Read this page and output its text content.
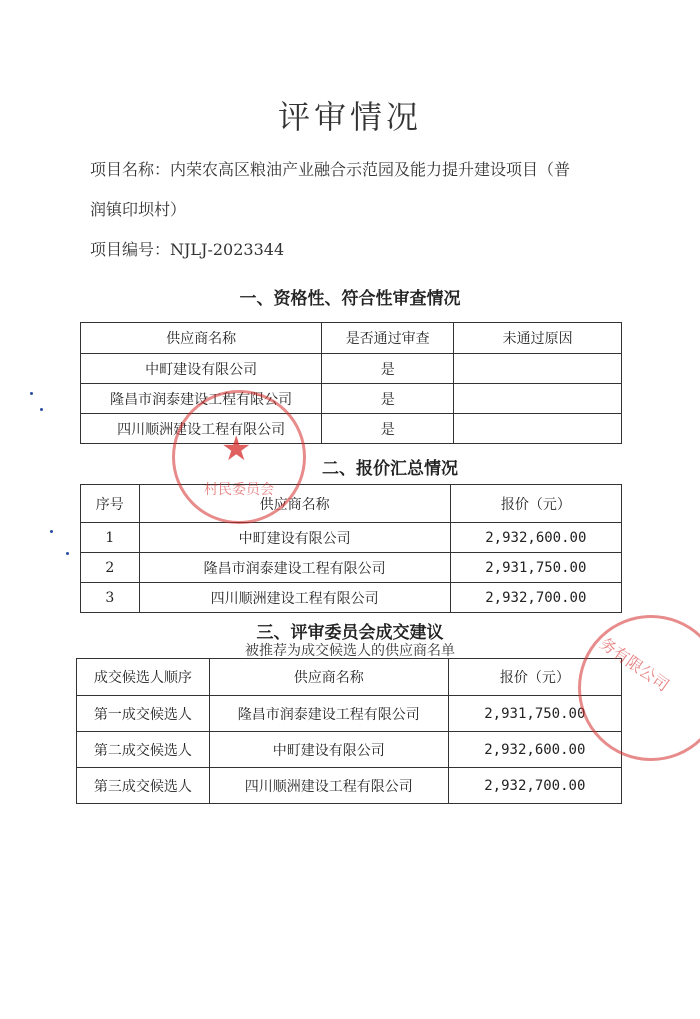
评审情况
项目名称：内荣农高区粮油产业融合示范园及能力提升建设项目（普
润镇印坝村）
项目编号：NJLJ-2023344
一、资格性、符合性审查情况
供应商名称	是否通过审查	未通过原因
中町建设有限公司	是	
隆昌市润泰建设工程有限公司	是	
四川顺洲建设工程有限公司	是	
二、报价汇总情况
序号	供应商名称	报价（元）
1	中町建设有限公司	2,932,600.00
2	隆昌市润泰建设工程有限公司	2,931,750.00
3	四川顺洲建设工程有限公司	2,932,700.00
三、评审委员会成交建议
被推荐为成交候选人的供应商名单
成交候选人顺序	供应商名称	报价（元）
第一成交候选人	隆昌市润泰建设工程有限公司	2,931,750.00
第二成交候选人	中町建设有限公司	2,932,600.00
第三成交候选人	四川顺洲建设工程有限公司	2,932,700.00
★
村民委员会
务有限公司
